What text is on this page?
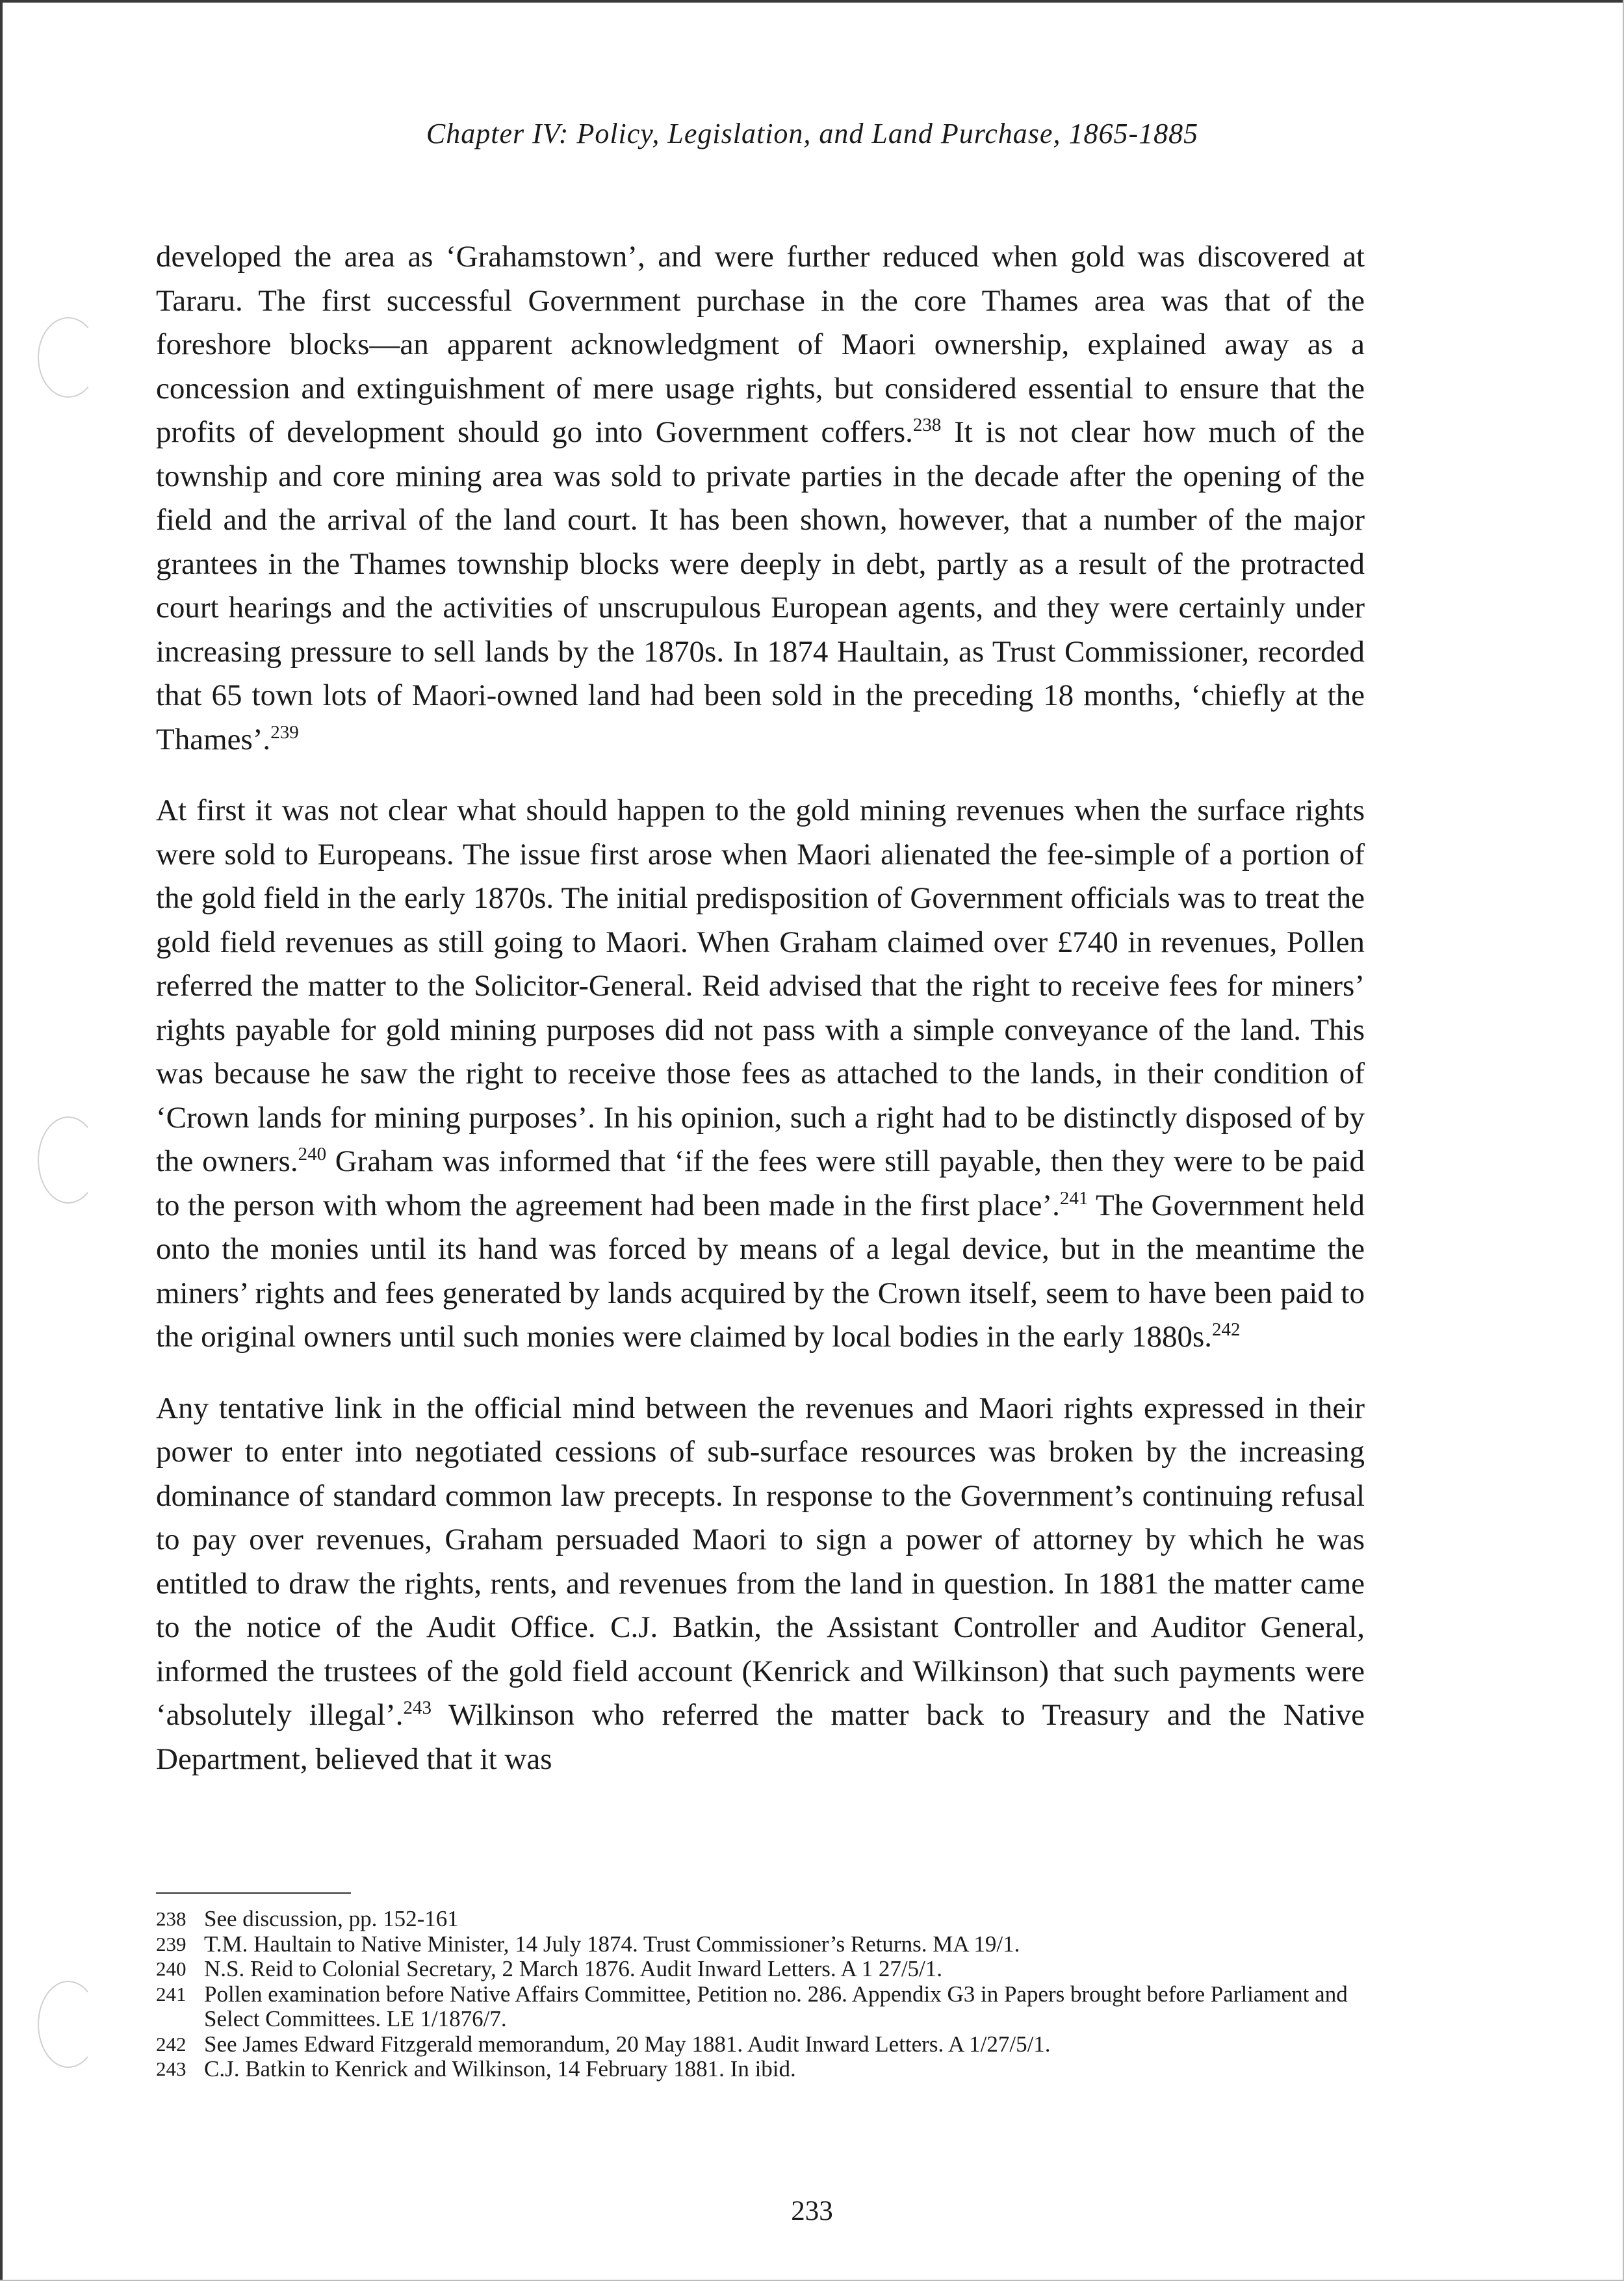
Chapter IV: Policy, Legislation, and Land Purchase, 1865-1885

developed the area as ‘Grahamstown’, and were further reduced when gold was discovered at Tararu. The first successful Government purchase in the core Thames area was that of the foreshore blocks—an apparent acknowledgment of Maori ownership, explained away as a concession and extinguishment of mere usage rights, but considered essential to ensure that the profits of development should go into Government coffers.$^{238}$ It is not clear how much of the township and core mining area was sold to private parties in the decade after the opening of the field and the arrival of the land court. It has been shown, however, that a number of the major grantees in the Thames township blocks were deeply in debt, partly as a result of the protracted court hearings and the activities of unscrupulous European agents, and they were certainly under increasing pressure to sell lands by the 1870s. In 1874 Haultain, as Trust Commissioner, recorded that 65 town lots of Maori-owned land had been sold in the preceding 18 months, ‘chiefly at the Thames’.$^{239}$

At first it was not clear what should happen to the gold mining revenues when the surface rights were sold to Europeans. The issue first arose when Maori alienated the fee-simple of a portion of the gold field in the early 1870s. The initial predisposition of Government officials was to treat the gold field revenues as still going to Maori. When Graham claimed over £740 in revenues, Pollen referred the matter to the Solicitor-General. Reid advised that the right to receive fees for miners’ rights payable for gold mining purposes did not pass with a simple conveyance of the land. This was because he saw the right to receive those fees as attached to the lands, in their condition of ‘Crown lands for mining purposes’. In his opinion, such a right had to be distinctly disposed of by the owners.$^{240}$ Graham was informed that ‘if the fees were still payable, then they were to be paid to the person with whom the agreement had been made in the first place’.$^{241}$ The Government held onto the monies until its hand was forced by means of a legal device, but in the meantime the miners’ rights and fees generated by lands acquired by the Crown itself, seem to have been paid to the original owners until such monies were claimed by local bodies in the early 1880s.$^{242}$

Any tentative link in the official mind between the revenues and Maori rights expressed in their power to enter into negotiated cessions of sub-surface resources was broken by the increasing dominance of standard common law precepts. In response to the Government’s continuing refusal to pay over revenues, Graham persuaded Maori to sign a power of attorney by which he was entitled to draw the rights, rents, and revenues from the land in question. In 1881 the matter came to the notice of the Audit Office. C.J. Batkin, the Assistant Controller and Auditor General, informed the trustees of the gold field account (Kenrick and Wilkinson) that such payments were ‘absolutely illegal’.$^{243}$ Wilkinson who referred the matter back to Treasury and the Native Department, believed that it was

238 See discussion, pp. 152-161
239 T.M. Haultain to Native Minister, 14 July 1874. Trust Commissioner’s Returns. MA 19/1.
240 N.S. Reid to Colonial Secretary, 2 March 1876. Audit Inward Letters. A 1 27/5/1.
241 Pollen examination before Native Affairs Committee, Petition no. 286. Appendix G3 in Papers brought before Parliament and Select Committees. LE 1/1876/7.
242 See James Edward Fitzgerald memorandum, 20 May 1881. Audit Inward Letters. A 1/27/5/1.
243 C.J. Batkin to Kenrick and Wilkinson, 14 February 1881. In ibid.
233
